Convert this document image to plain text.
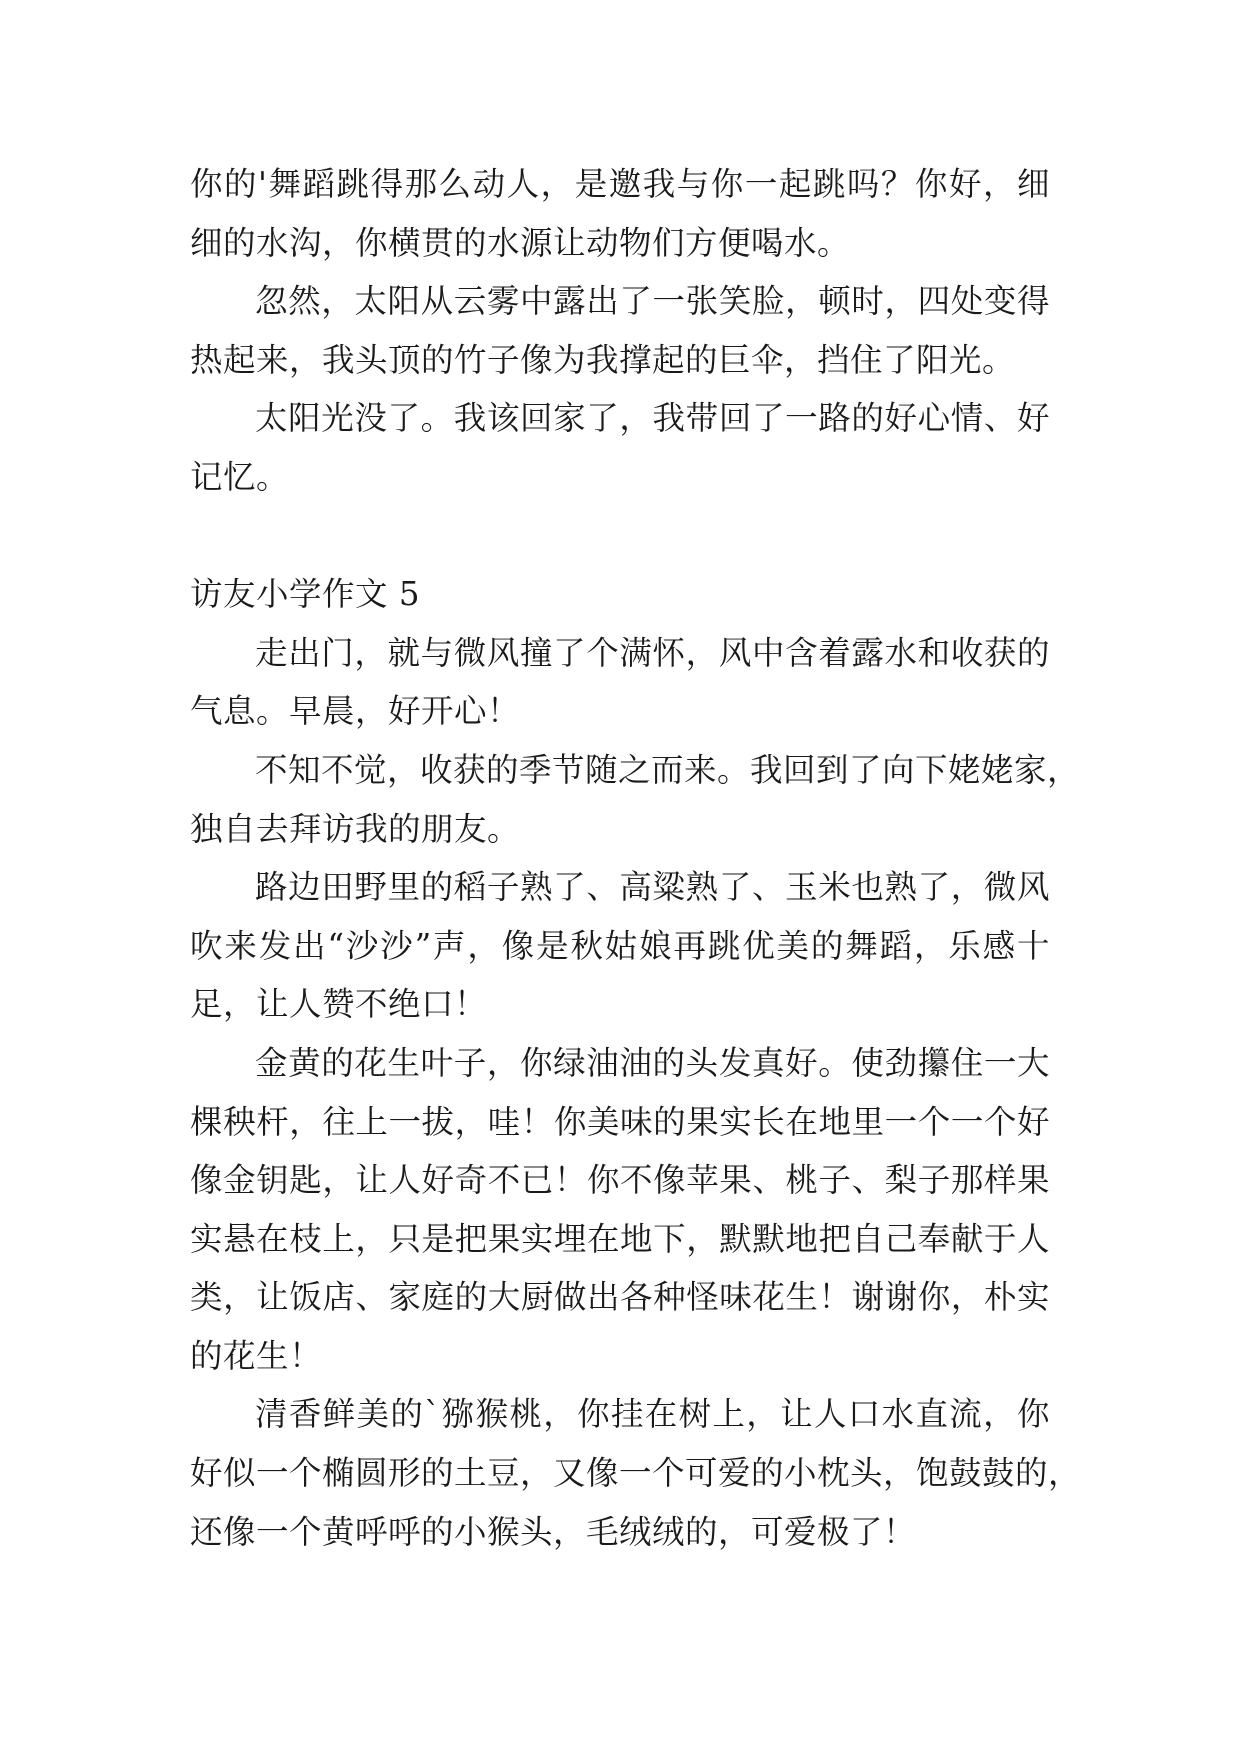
你的'舞蹈跳得那么动人，是邀我与你一起跳吗？你好，细
细的水沟，你横贯的水源让动物们方便喝水。
忽然，太阳从云雾中露出了一张笑脸，顿时，四处变得
热起来，我头顶的竹子像为我撑起的巨伞，挡住了阳光。
太阳光没了。我该回家了，我带回了一路的好心情、好
记忆。
访友小学作文 5
走出门，就与微风撞了个满怀，风中含着露水和收获的
气息。早晨，好开心！
不知不觉，收获的季节随之而来。我回到了向下姥姥家，
独自去拜访我的朋友。
路边田野里的稻子熟了、高粱熟了、玉米也熟了，微风
吹来发出“沙沙”声，像是秋姑娘再跳优美的舞蹈，乐感十
足，让人赞不绝口！
金黄的花生叶子，你绿油油的头发真好。使劲攥住一大
棵秧杆，往上一拔，哇！你美味的果实长在地里一个一个好
像金钥匙，让人好奇不已！你不像苹果、桃子、梨子那样果
实悬在枝上，只是把果实埋在地下，默默地把自己奉献于人
类，让饭店、家庭的大厨做出各种怪味花生！谢谢你，朴实
的花生！
清香鲜美的`猕猴桃，你挂在树上，让人口水直流，你
好似一个椭圆形的土豆，又像一个可爱的小枕头，饱鼓鼓的，
还像一个黄呼呼的小猴头，毛绒绒的，可爱极了！
